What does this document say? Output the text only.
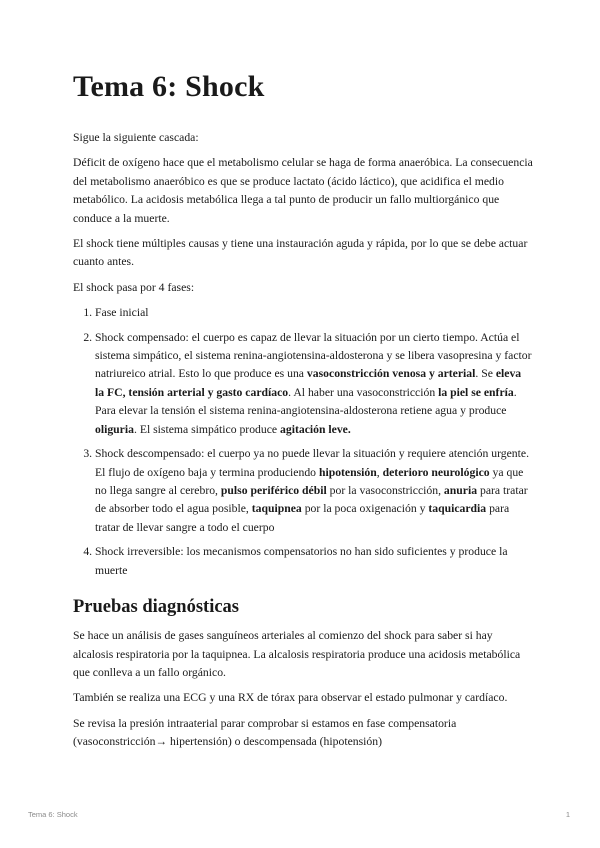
Tema 6: Shock

Sigue la siguiente cascada:

Déficit de oxígeno hace que el metabolismo celular se haga de forma anaeróbica. La consecuencia del metabolismo anaeróbico es que se produce lactato (ácido láctico), que acidifica el medio metabólico. La acidosis metabólica llega a tal punto de producir un fallo multiorgánico que conduce a la muerte.

El shock tiene múltiples causas y tiene una instauración aguda y rápida, por lo que se debe actuar cuanto antes.

El shock pasa por 4 fases:

1. Fase inicial
2. Shock compensado: el cuerpo es capaz de llevar la situación por un cierto tiempo. Actúa el sistema simpático, el sistema renina-angiotensina-aldosterona y se libera vasopresina y factor natriureico atrial. Esto lo que produce es una vasoconstricción venosa y arterial. Se eleva la FC, tensión arterial y gasto cardíaco. Al haber una vasoconstricción la piel se enfría. Para elevar la tensión el sistema renina-angiotensina-aldosterona retiene agua y produce oliguria. El sistema simpático produce agitación leve.
3. Shock descompensado: el cuerpo ya no puede llevar la situación y requiere atención urgente. El flujo de oxígeno baja y termina produciendo hipotensión, deterioro neurológico ya que no llega sangre al cerebro, pulso periférico débil por la vasoconstricción, anuria para tratar de absorber todo el agua posible, taquipnea por la poca oxigenación y taquicardia para tratar de llevar sangre a todo el cuerpo
4. Shock irreversible: los mecanismos compensatorios no han sido suficientes y produce la muerte
Pruebas diagnósticas

Se hace un análisis de gases sanguíneos arteriales al comienzo del shock para saber si hay alcalosis respiratoria por la taquipnea. La alcalosis respiratoria produce una acidosis metabólica que conlleva a un fallo orgánico.

También se realiza una ECG y una RX de tórax para observar el estado pulmonar y cardíaco.

Se revisa la presión intraaterial parar comprobar si estamos en fase compensatoria (vasoconstricción→ hipertensión) o descompensada (hipotensión)

Tema 6: Shock	1
